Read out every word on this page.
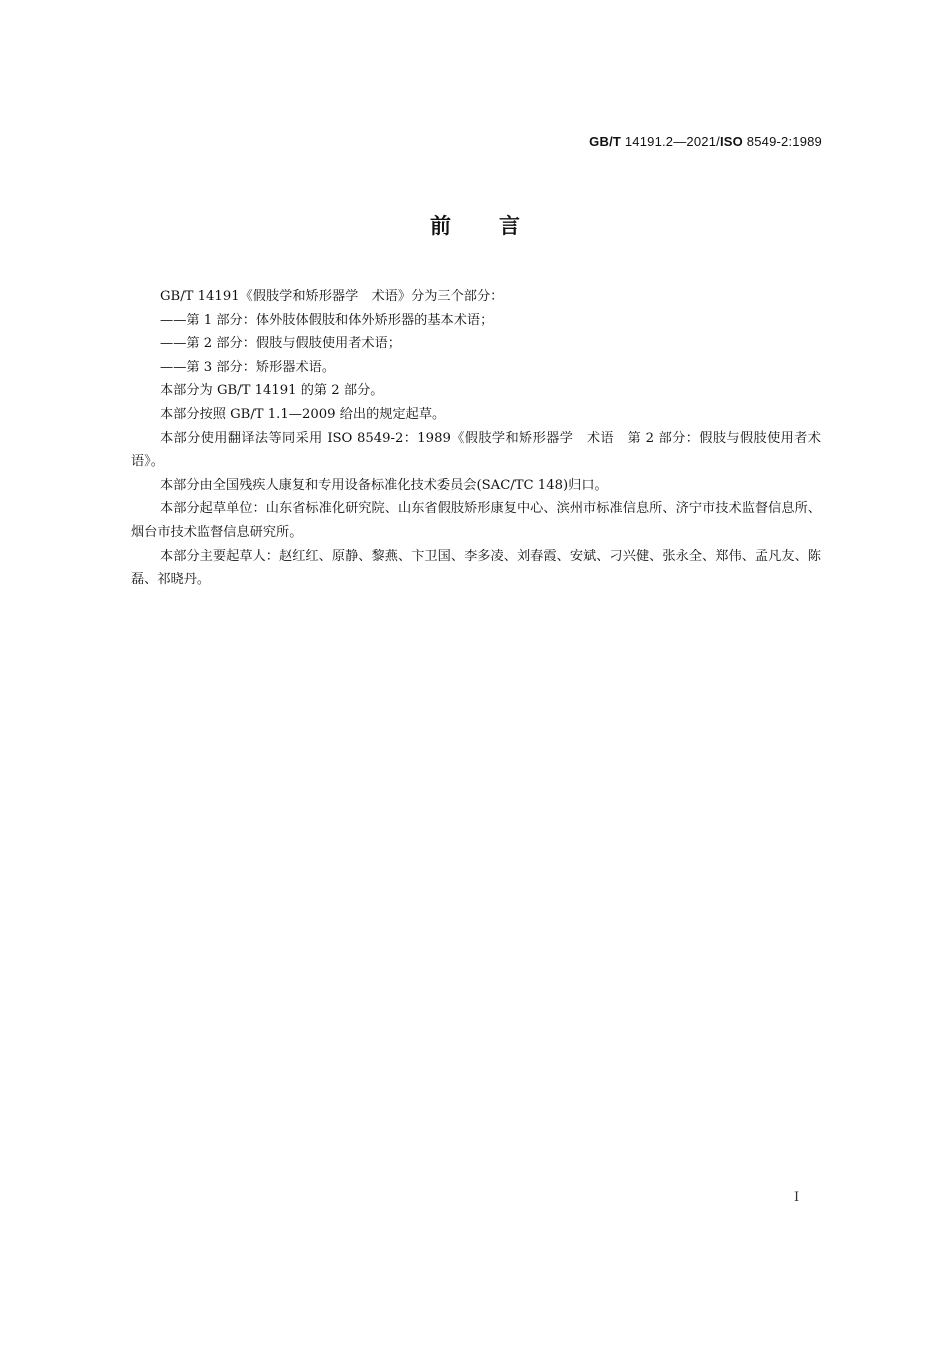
GB/T 14191.2—2021/ISO 8549-2:1989
前言

GB/T 14191《假肢学和矫形器学　术语》分为三个部分：

——第 1 部分：体外肢体假肢和体外矫形器的基本术语；

——第 2 部分：假肢与假肢使用者术语；

——第 3 部分：矫形器术语。

本部分为 GB/T 14191 的第 2 部分。

本部分按照 GB/T 1.1—2009 给出的规定起草。

本部分使用翻译法等同采用 ISO 8549-2：1989《假肢学和矫形器学　术语　第 2 部分：假肢与假肢使用者术语》。

本部分由全国残疾人康复和专用设备标准化技术委员会(SAC/TC 148)归口。

本部分起草单位：山东省标准化研究院、山东省假肢矫形康复中心、滨州市标准信息所、济宁市技术监督信息所、烟台市技术监督信息研究所。

本部分主要起草人：赵红红、原静、黎燕、卞卫国、李多凌、刘春霞、安斌、刁兴健、张永全、郑伟、孟凡友、陈磊、祁晓丹。

I
